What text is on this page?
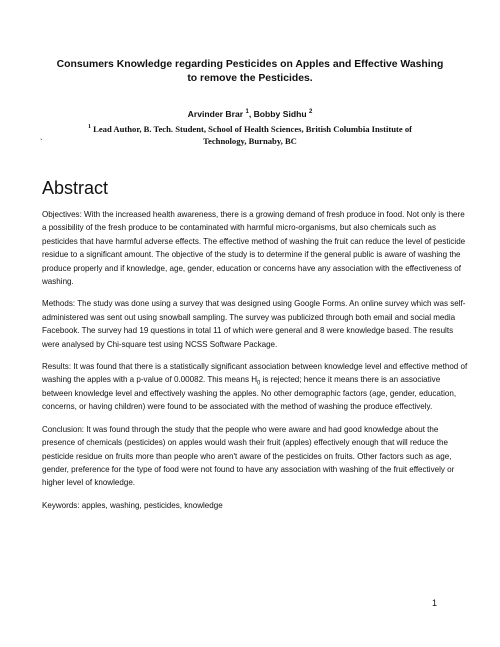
Consumers Knowledge regarding Pesticides on Apples and Effective Washing
to remove the Pesticides.
Arvinder Brar $^1$, Bobby Sidhu $^2$
$^1$ Lead Author, B. Tech. Student, School of Health Sciences, British Columbia Institute of
Technology, Burnaby, BC
`
Abstract

Objectives: With the increased health awareness, there is a growing demand of fresh produce in food. Not only is there a possibility of the fresh produce to be contaminated with harmful micro-organisms, but also chemicals such as pesticides that have harmful adverse effects. The effective method of washing the fruit can reduce the level of pesticide residue to a significant amount. The objective of the study is to determine if the general public is aware of washing the produce properly and if knowledge, age, gender, education or concerns have any association with the effectiveness of washing.

Methods: The study was done using a survey that was designed using Google Forms. An online survey which was self-administered was sent out using snowball sampling. The survey was publicized through both email and social media Facebook. The survey had 19 questions in total 11 of which were general and 8 were knowledge based. The results were analysed by Chi-square test using NCSS Software Package.

Results: It was found that there is a statistically significant association between knowledge level and effective method of washing the apples with a p-value of 0.00082. This means $H_0$ is rejected; hence it means there is an associative between knowledge level and effectively washing the apples. No other demographic factors (age, gender, education, concerns, or having children) were found to be associated with the method of washing the produce effectively.

Conclusion: It was found through the study that the people who were aware and had good knowledge about the presence of chemicals (pesticides) on apples would wash their fruit (apples) effectively enough that will reduce the pesticide residue on fruits more than people who aren't aware of the pesticides on fruits. Other factors such as age, gender, preference for the type of food were not found to have any association with washing of the fruit effectively or higher level of knowledge.

Keywords: apples, washing, pesticides, knowledge

1
